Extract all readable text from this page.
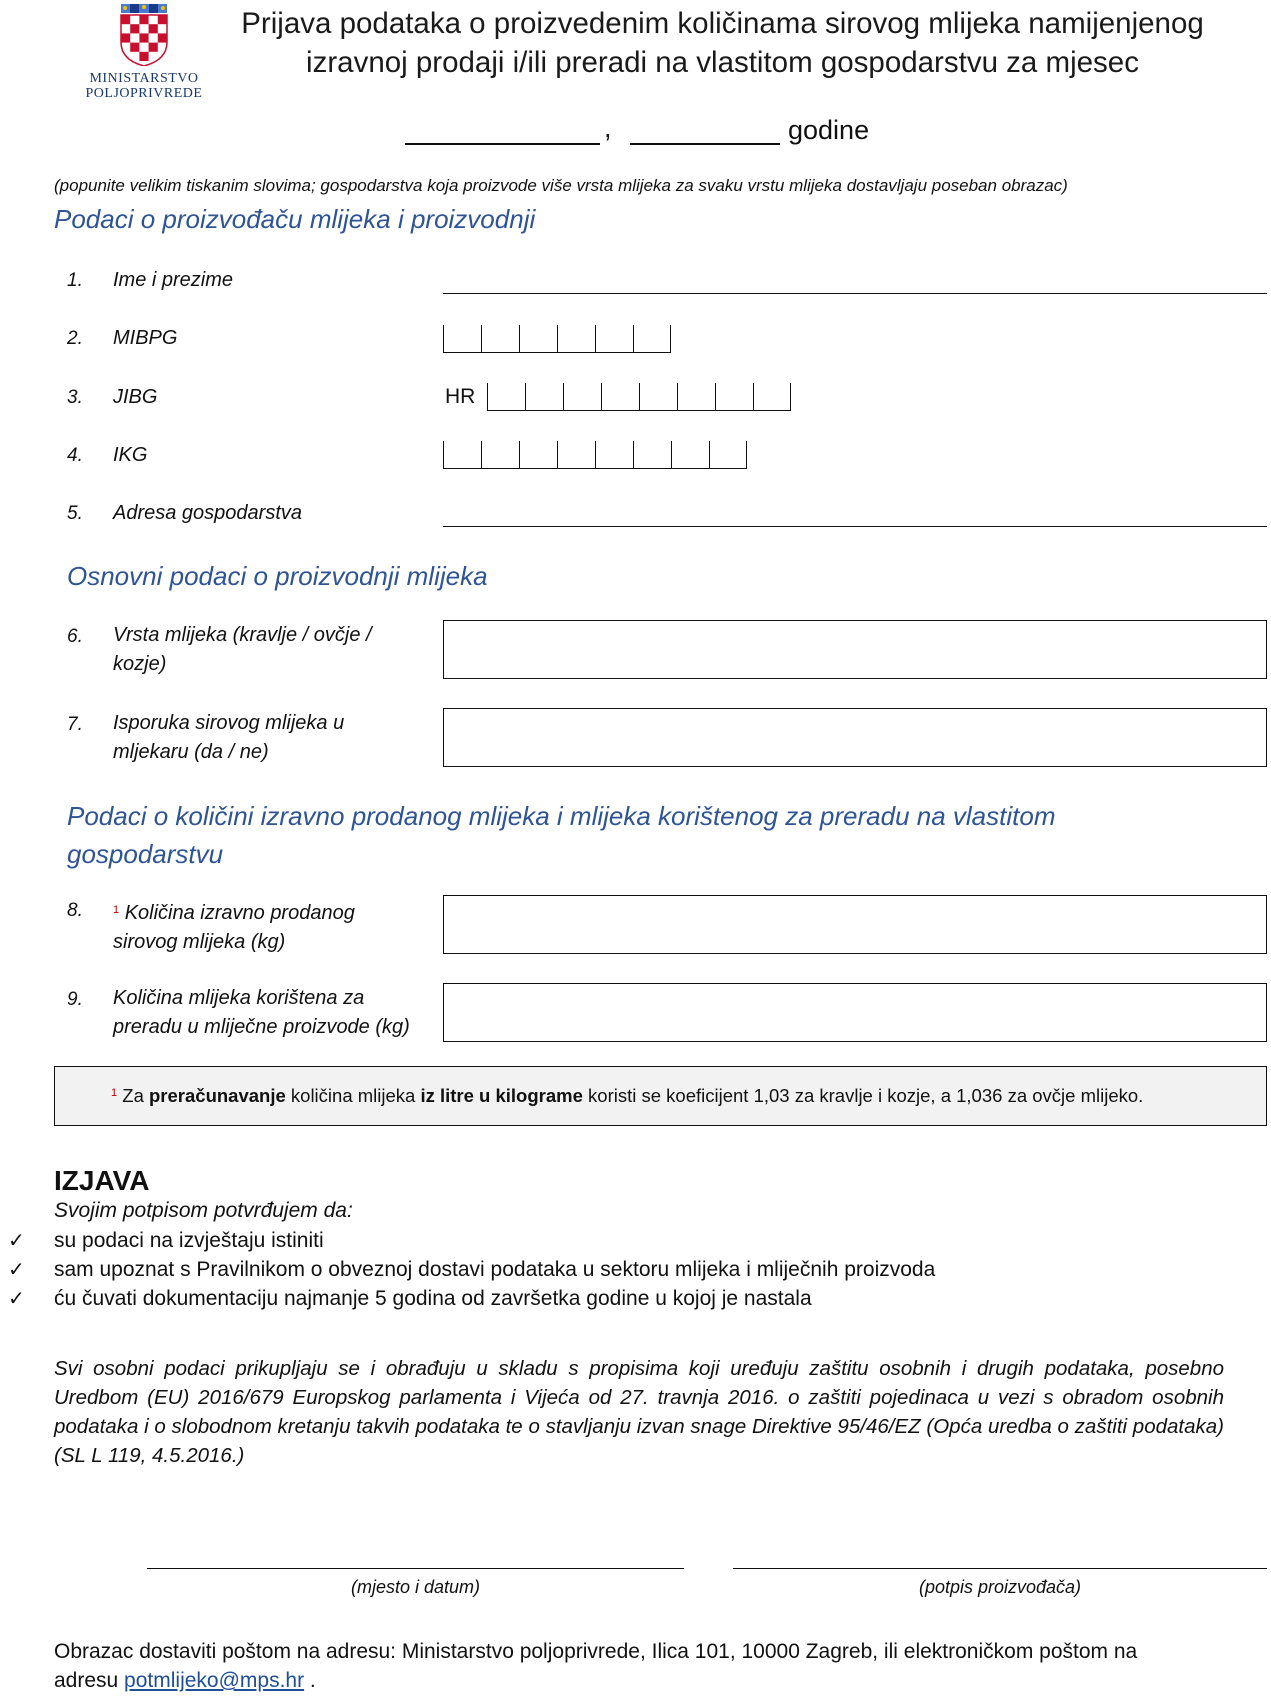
MINISTARSTVO
POLJOPRIVREDE
Prijava podataka o proizvedenim količinama sirovog mlijeka namijenjenog
izravnoj prodaji i/ili preradi na vlastitom gospodarstvu za mjesec
,	godine
(popunite velikim tiskanim slovima; gospodarstva koja proizvode više vrsta mlijeka za svaku vrstu mlijeka dostavljaju poseban obrazac)
Podaci o proizvođaču mlijeka i proizvodnji
1. Ime i prezime
2. MIBPG
3. JIBG	HR
4. IKG
5. Adresa gospodarstva
Osnovni podaci o proizvodnji mlijeka
6. Vrsta mlijeka (kravlje / ovčje /
kozje)
7. Isporuka sirovog mlijeka u
mljekaru (da / ne)
Podaci o količini izravno prodanog mlijeka i mlijeka korištenog za preradu na vlastitom
gospodarstvu
8.	$^1$ Količina izravno prodanog
sirovog mlijeka (kg)
9. Količina mlijeka korištena za
preradu u mliječne proizvode (kg)
$^1$ Za preračunavanje količina mlijeka iz litre u kilograme koristi se koeficijent 1,03 za kravlje i kozje, a 1,036 za ovčje mlijeko.
IZJAVA
Svojim potpisom potvrđujem da:
✓ su podaci na izvještaju istiniti
✓ sam upoznat s Pravilnikom o obveznoj dostavi podataka u sektoru mlijeka i mliječnih proizvoda
✓ ću čuvati dokumentaciju najmanje 5 godina od završetka godine u kojoj je nastala
Svi osobni podaci prikupljaju se i obrađuju u skladu s propisima koji uređuju zaštitu osobnih i drugih podataka, posebno Uredbom (EU) 2016/679 Europskog parlamenta i Vijeća od 27. travnja 2016. o zaštiti pojedinaca u vezi s obradom osobnih podataka i o slobodnom kretanju takvih podataka te o stavljanju izvan snage Direktive 95/46/EZ (Opća uredba o zaštiti podataka) (SL L 119, 4.5.2016.)
(mjesto i datum)	(potpis proizvođača)
Obrazac dostaviti poštom na adresu: Ministarstvo poljoprivrede, Ilica 101, 10000 Zagreb, ili elektroničkom poštom na
adresu potmlijeko@mps.hr .
